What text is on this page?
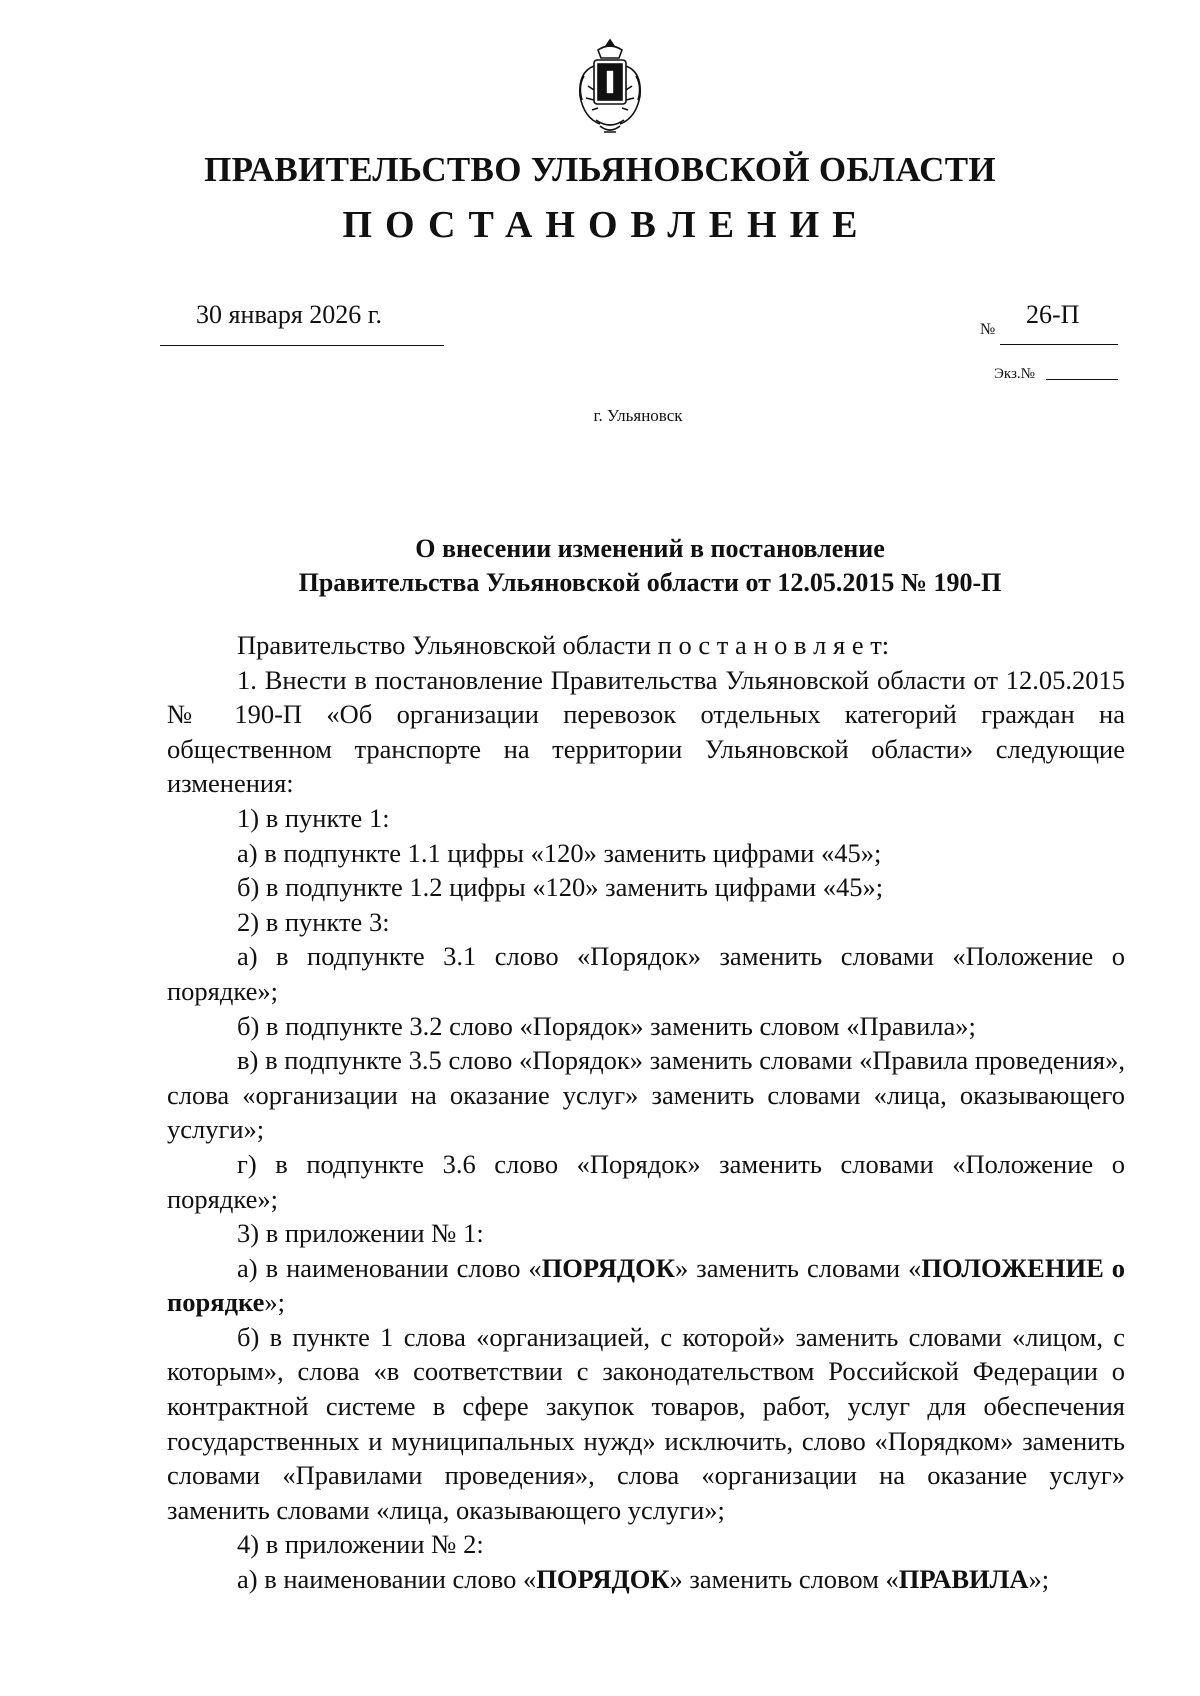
ПРАВИТЕЛЬСТВО УЛЬЯНОВСКОЙ ОБЛАСТИ
ПОСТАНОВЛЕНИЕ
30 января 2026 г.
№
26-П
Экз.№
г. Ульяновск
О внесении изменений в постановление
Правительства Ульяновской области от 12.05.2015 № 190-П

Правительство Ульяновской области п о с т а н о в л я е т:

1. Внести в постановление Правительства Ульяновской области от 12.05.2015 № 190-П «Об организации перевозок отдельных категорий граждан на общественном транспорте на территории Ульяновской области» следующие изменения:

1) в пункте 1:

а) в подпункте 1.1 цифры «120» заменить цифрами «45»;

б) в подпункте 1.2 цифры «120» заменить цифрами «45»;

2) в пункте 3:

а) в подпункте 3.1 слово «Порядок» заменить словами «Положение о порядке»;

б) в подпункте 3.2 слово «Порядок» заменить словом «Правила»;

в) в подпункте 3.5 слово «Порядок» заменить словами «Правила проведения», слова «организации на оказание услуг» заменить словами «лица, оказывающего услуги»;

г) в подпункте 3.6 слово «Порядок» заменить словами «Положение о порядке»;

3) в приложении № 1:

а) в наименовании слово «ПОРЯДОК» заменить словами «ПОЛОЖЕНИЕ о порядке»;

б) в пункте 1 слова «организацией, с которой» заменить словами «лицом, с которым», слова «в соответствии с законодательством Российской Федерации о контрактной системе в сфере закупок товаров, работ, услуг для обеспечения государственных и муниципальных нужд» исключить, слово «Порядком» заменить словами «Правилами проведения», слова «организации на оказание услуг» заменить словами «лица, оказывающего услуги»;

4) в приложении № 2:

а) в наименовании слово «ПОРЯДОК» заменить словом «ПРАВИЛА»;
